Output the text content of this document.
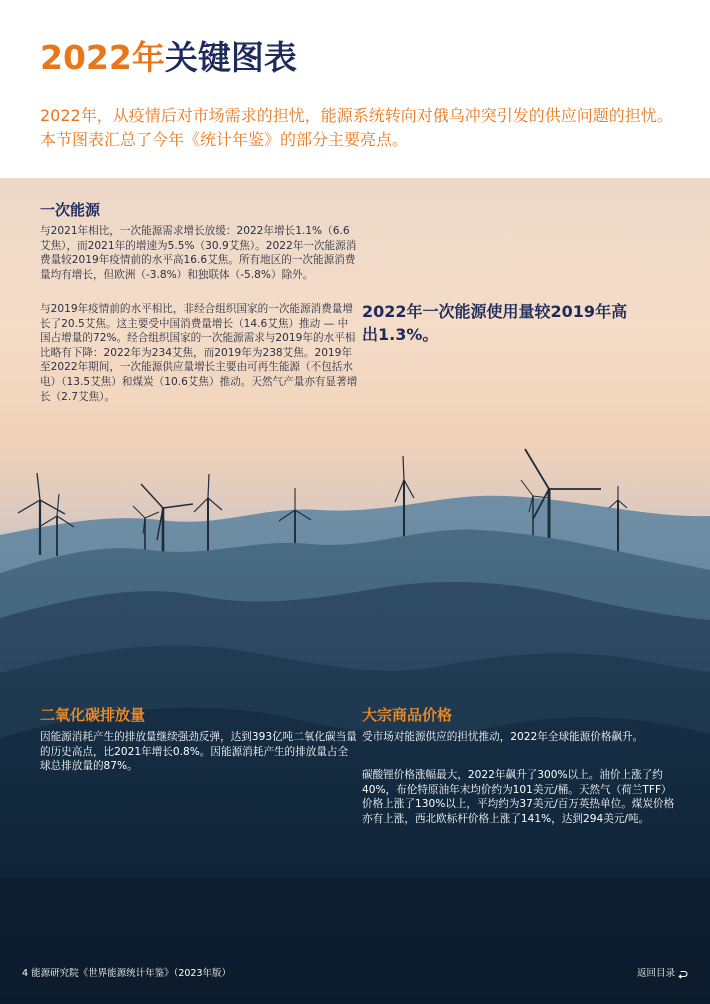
2022年关键图表

2022年，从疫情后对市场需求的担忧，能源系统转向对俄乌冲突引发的供应问题的担忧。本节图表汇总了今年《统计年鉴》的部分主要亮点。

一次能源

与2021年相比，一次能源需求增长放缓：2022年增长1.1%（6.6艾焦），而2021年的增速为5.5%（30.9艾焦）。2022年一次能源消费量较2019年疫情前的水平高16.6艾焦。所有地区的一次能源消费量均有增长，但欧洲（-3.8%）和独联体（-5.8%）除外。

与2019年疫情前的水平相比，非经合组织国家的一次能源消费量增长了20.5艾焦。这主要受中国消费量增长（14.6艾焦）推动 — 中国占增量的72%。经合组织国家的一次能源需求与2019年的水平相比略有下降：2022年为234艾焦，而2019年为238艾焦。2019年至2022年期间，一次能源供应量增长主要由可再生能源（不包括水电）（13.5艾焦）和煤炭（10.6艾焦）推动。天然气产量亦有显著增长（2.7艾焦）。

2022年一次能源使用量较2019年高出1.3%。

二氧化碳排放量

因能源消耗产生的排放量继续强劲反弹，达到393亿吨二氧化碳当量的历史高点，比2021年增长0.8%。因能源消耗产生的排放量占全球总排放量的87%。

大宗商品价格

受市场对能源供应的担忧推动，2022年全球能源价格飙升。

碳酸锂价格涨幅最大，2022年飙升了300%以上。油价上涨了约40%，布伦特原油年末均价约为101美元/桶。天然气（荷兰TFF）价格上涨了130%以上，平均约为37美元/百万英热单位。煤炭价格亦有上涨，西北欧标杆价格上涨了141%，达到294美元/吨。

4 能源研究院《世界能源统计年鉴》（2023年版）	返回目录
